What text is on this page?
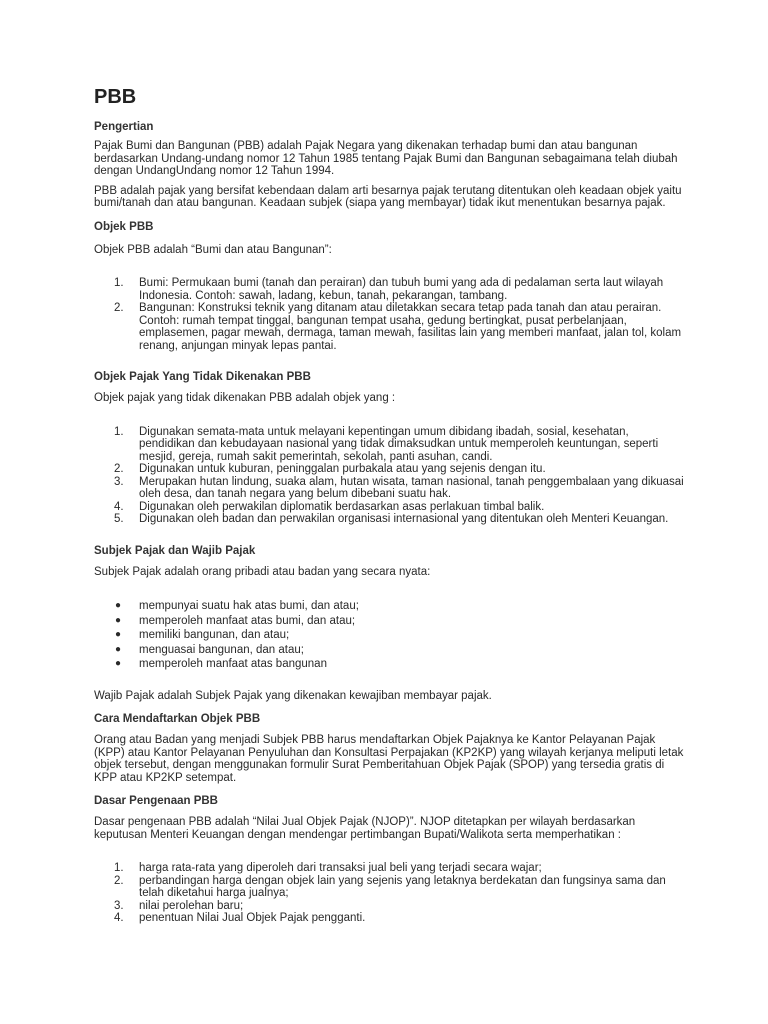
PBB
Pengertian

Pajak Bumi dan Bangunan (PBB) adalah Pajak Negara yang dikenakan terhadap bumi dan atau bangunan berdasarkan Undang-undang nomor 12 Tahun 1985 tentang Pajak Bumi dan Bangunan sebagaimana telah diubah dengan UndangUndang nomor 12 Tahun 1994.

PBB adalah pajak yang bersifat kebendaan dalam arti besarnya pajak terutang ditentukan oleh keadaan objek yaitu bumi/tanah dan atau bangunan. Keadaan subjek (siapa yang membayar) tidak ikut menentukan besarnya pajak.

Objek PBB

Objek PBB adalah “Bumi dan atau Bangunan”:

1.	Bumi: Permukaan bumi (tanah dan perairan) dan tubuh bumi yang ada di pedalaman serta laut wilayah Indonesia. Contoh: sawah, ladang, kebun, tanah, pekarangan, tambang.
2.	Bangunan: Konstruksi teknik yang ditanam atau diletakkan secara tetap pada tanah dan atau perairan. Contoh: rumah tempat tinggal, bangunan tempat usaha, gedung bertingkat, pusat perbelanjaan, emplasemen, pagar mewah, dermaga, taman mewah, fasilitas lain yang memberi manfaat, jalan tol, kolam renang, anjungan minyak lepas pantai.
Objek Pajak Yang Tidak Dikenakan PBB

Objek pajak yang tidak dikenakan PBB adalah objek yang :

1.	Digunakan semata-mata untuk melayani kepentingan umum dibidang ibadah, sosial, kesehatan, pendidikan dan kebudayaan nasional yang tidak dimaksudkan untuk memperoleh keuntungan, seperti mesjid, gereja, rumah sakit pemerintah, sekolah, panti asuhan, candi.
2.	Digunakan untuk kuburan, peninggalan purbakala atau yang sejenis dengan itu.
3.	Merupakan hutan lindung, suaka alam, hutan wisata, taman nasional, tanah penggembalaan yang dikuasai oleh desa, dan tanah negara yang belum dibebani suatu hak.
4.	Digunakan oleh perwakilan diplomatik berdasarkan asas perlakuan timbal balik.
5.	Digunakan oleh badan dan perwakilan organisasi internasional yang ditentukan oleh Menteri Keuangan.
Subjek Pajak dan Wajib Pajak

Subjek Pajak adalah orang pribadi atau badan yang secara nyata:

●	mempunyai suatu hak atas bumi, dan atau;
●	memperoleh manfaat atas bumi, dan atau;
●	memiliki bangunan, dan atau;
●	menguasai bangunan, dan atau;
●	memperoleh manfaat atas bangunan

Wajib Pajak adalah Subjek Pajak yang dikenakan kewajiban membayar pajak.

Cara Mendaftarkan Objek PBB

Orang atau Badan yang menjadi Subjek PBB harus mendaftarkan Objek Pajaknya ke Kantor Pelayanan Pajak (KPP) atau Kantor Pelayanan Penyuluhan dan Konsultasi Perpajakan (KP2KP) yang wilayah kerjanya meliputi letak objek tersebut, dengan menggunakan formulir Surat Pemberitahuan Objek Pajak (SPOP) yang tersedia gratis di KPP atau KP2KP setempat.

Dasar Pengenaan PBB

Dasar pengenaan PBB adalah “Nilai Jual Objek Pajak (NJOP)”. NJOP ditetapkan per wilayah berdasarkan keputusan Menteri Keuangan dengan mendengar pertimbangan Bupati/Walikota serta memperhatikan :

1.	harga rata-rata yang diperoleh dari transaksi jual beli yang terjadi secara wajar;
2.	perbandingan harga dengan objek lain yang sejenis yang letaknya berdekatan dan fungsinya sama dan telah diketahui harga jualnya;
3.	nilai perolehan baru;
4.	penentuan Nilai Jual Objek Pajak pengganti.
